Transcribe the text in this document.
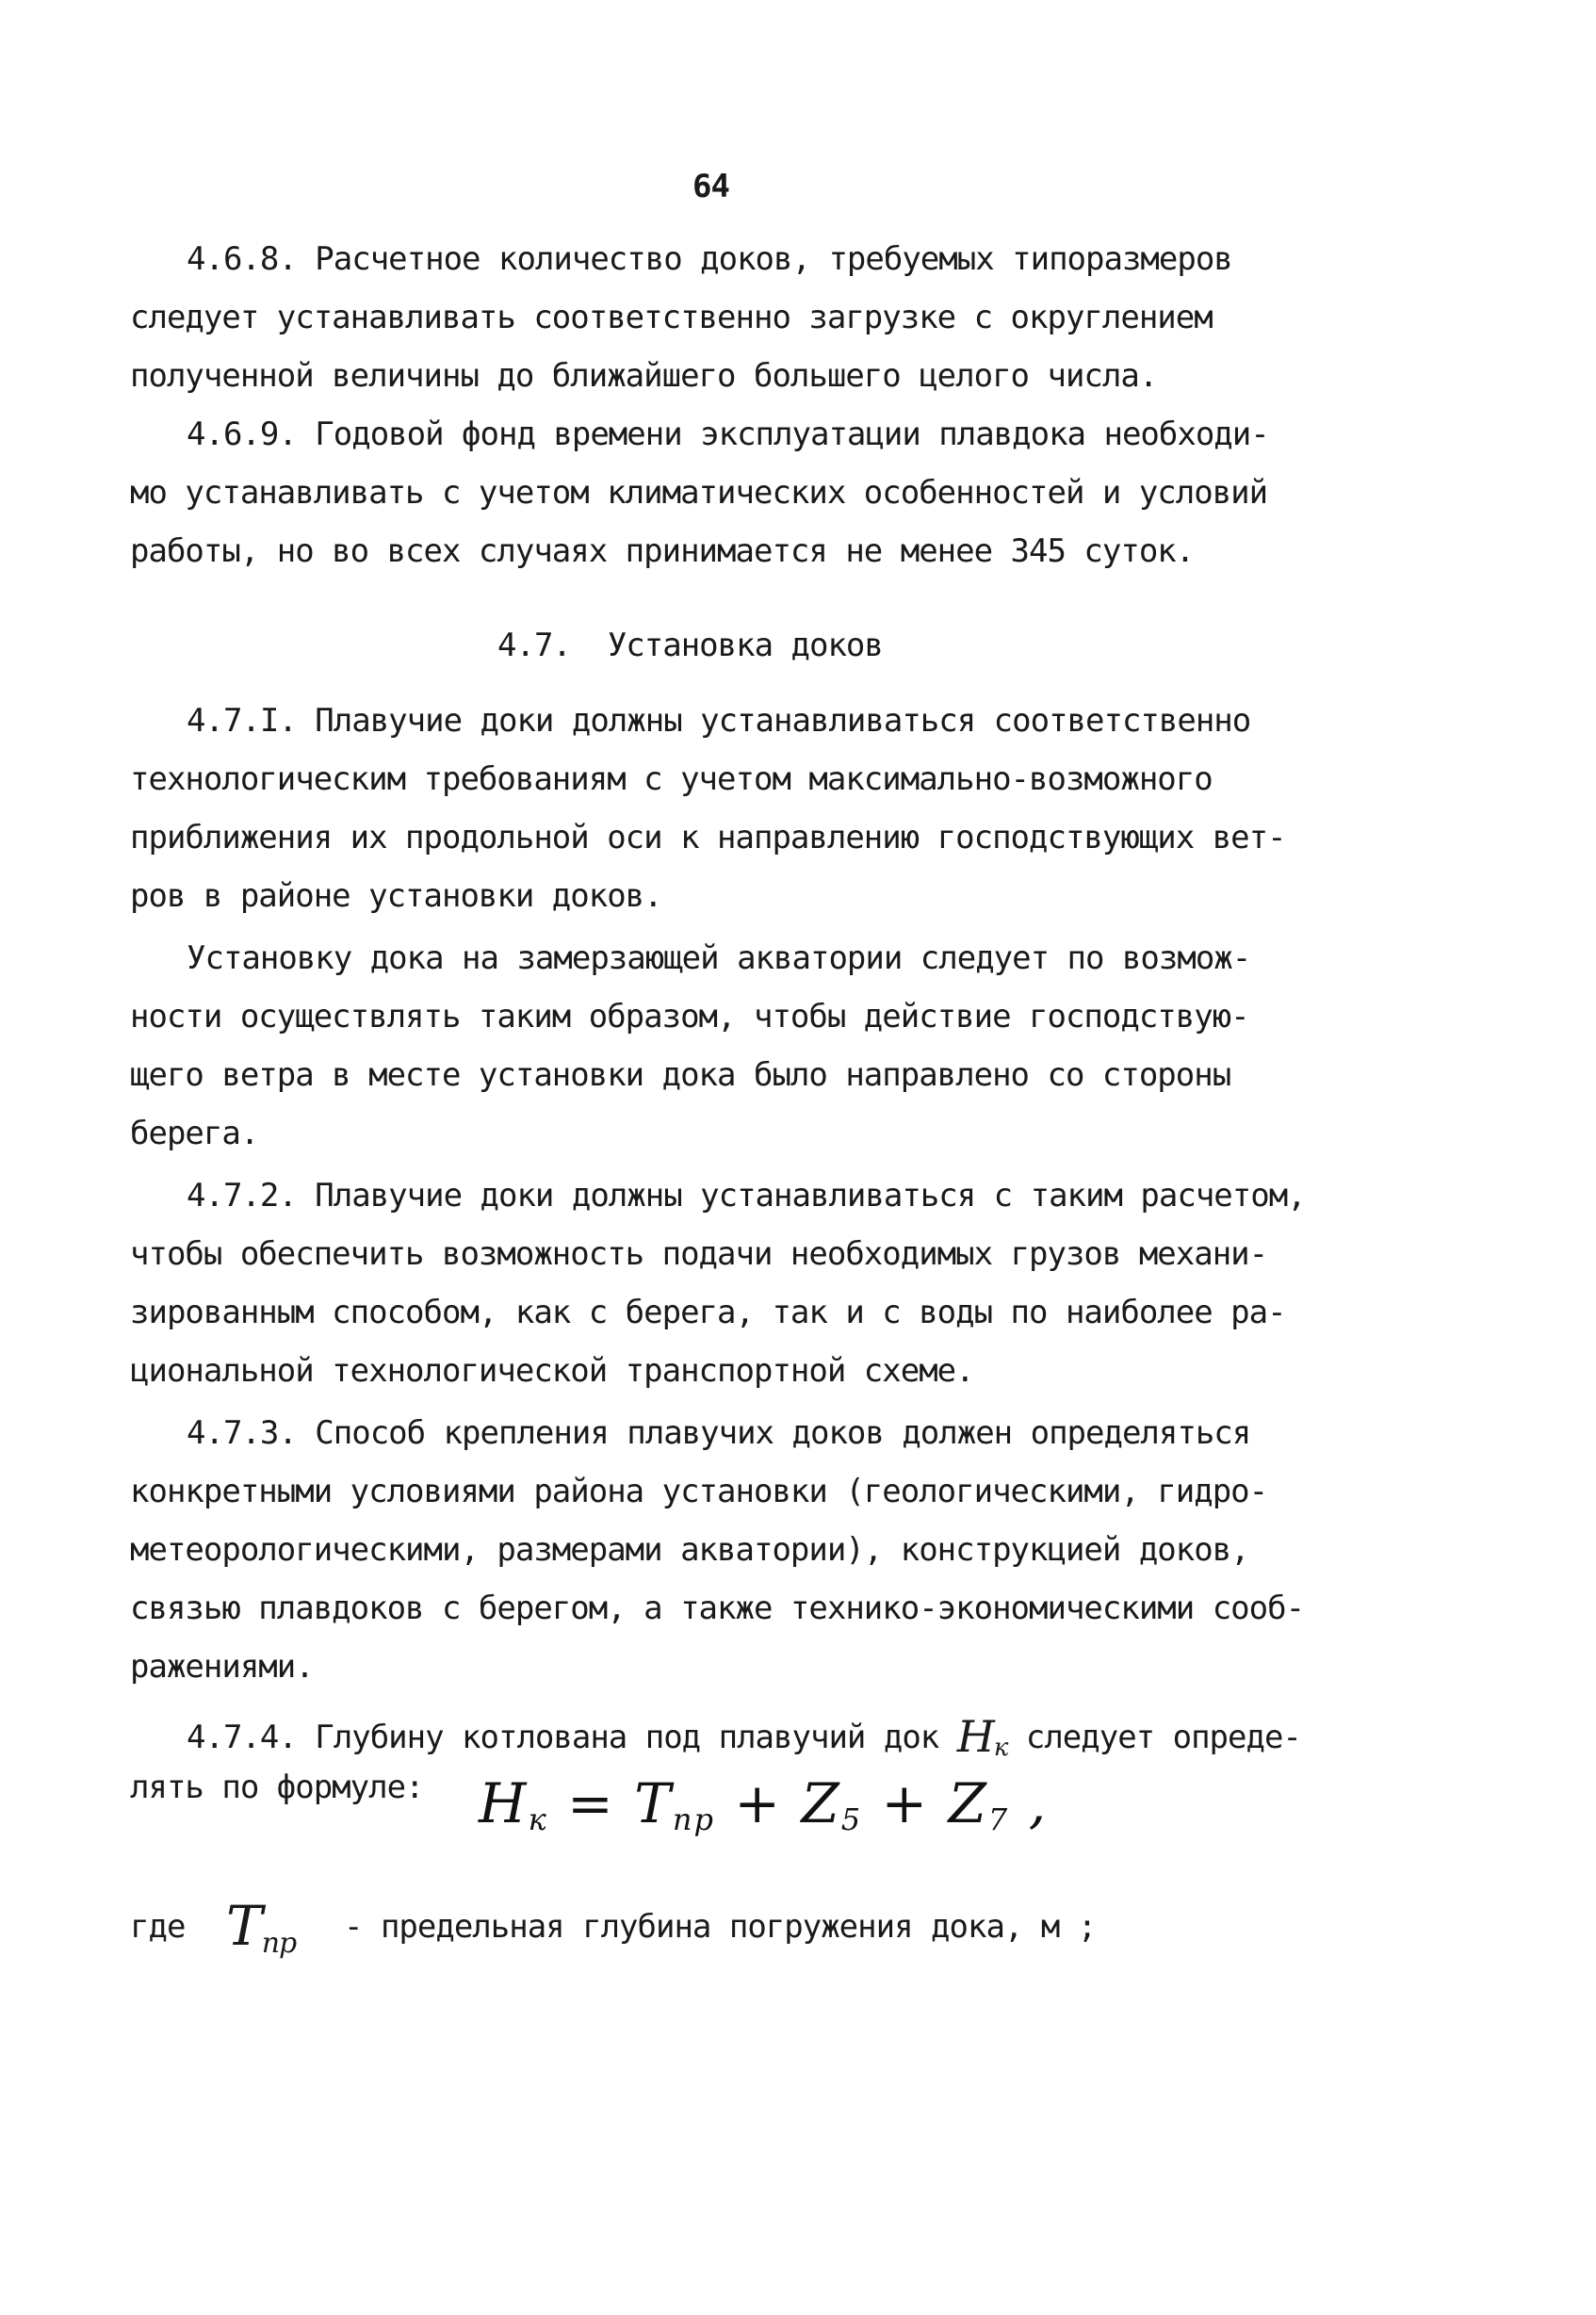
64
4.6.8. Расчетное количество доков, требуемых типоразмеров
следует устанавливать соответственно загрузке с округлением
полученной величины до ближайшего большего целого числа.
4.6.9. Годовой фонд времени эксплуатации плавдока необходи-
мо устанавливать с учетом климатических особенностей и условий
работы, но во всех случаях принимается не менее 345 суток.
4.7.  Установка доков
4.7.I. Плавучие доки должны устанавливаться соответственно
технологическим требованиям с учетом максимально-возможного
приближения их продольной оси к направлению господствующих вет-
ров в районе установки доков.
Установку дока на замерзающей акватории следует по возмож-
ности осуществлять таким образом, чтобы действие господствую-
щего ветра в месте установки дока было направлено со стороны
берега.
4.7.2. Плавучие доки должны устанавливаться с таким расчетом,
чтобы обеспечить возможность подачи необходимых грузов механи-
зированным способом, как с берега, так и с воды по наиболее ра-
циональной технологической транспортной схеме.
4.7.3. Способ крепления плавучих доков должен определяться
конкретными условиями района установки (геологическими, гидро-
метеорологическими, размерами акватории), конструкцией доков,
связью плавдоков с берегом, а также технико-экономическими сооб-
ражениями.
4.7.4. Глубину котлована под плавучий док Hк следует опреде-
лять по формуле: $H_к = T_{пр} + Z_5 + Z_7$ ,
где $T_{пр}$ - предельная глубина погружения дока, м ;
